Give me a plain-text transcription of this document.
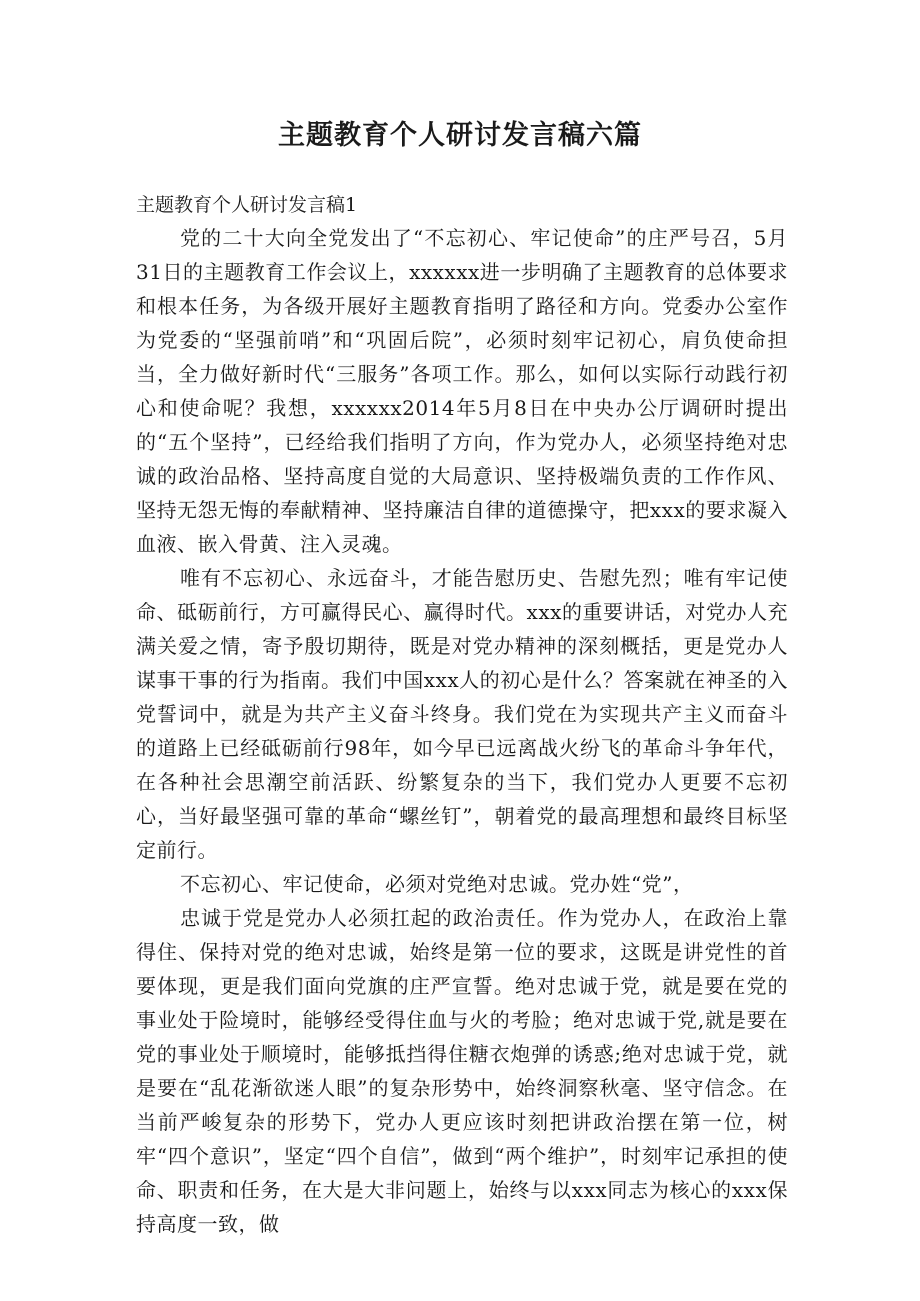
主题教育个人研讨发言稿六篇

主题教育个人研讨发言稿1

党的二十大向全党发出了“不忘初心、牢记使命”的庄严号召，5月31日的主题教育工作会议上，xxxxxx进一步明确了主题教育的总体要求和根本任务，为各级开展好主题教育指明了路径和方向。党委办公室作为党委的“坚强前哨”和“巩固后院”，必须时刻牢记初心，肩负使命担当，全力做好新时代“三服务”各项工作。那么，如何以实际行动践行初心和使命呢？我想，xxxxxx2014年5月8日在中央办公厅调研时提出的“五个坚持”，已经给我们指明了方向，作为党办人，必须坚持绝对忠诚的政治品格、坚持高度自觉的大局意识、坚持极端负责的工作作风、坚持无怨无悔的奉献精神、坚持廉洁自律的道德操守，把xxx的要求凝入血液、嵌入骨黄、注入灵魂。

唯有不忘初心、永远奋斗，才能告慰历史、告慰先烈；唯有牢记使命、砥砺前行，方可赢得民心、赢得时代。xxx的重要讲话，对党办人充满关爱之情，寄予殷切期待，既是对党办精神的深刻概括，更是党办人谋事干事的行为指南。我们中国xxx人的初心是什么？答案就在神圣的入党誓词中，就是为共产主义奋斗终身。我们党在为实现共产主义而奋斗的道路上已经砥砺前行98年，如今早已远离战火纷飞的革命斗争年代，在各种社会思潮空前活跃、纷繁复杂的当下，我们党办人更要不忘初心，当好最坚强可靠的革命“螺丝钉”，朝着党的最高理想和最终目标坚定前行。

不忘初心、牢记使命，必须对党绝对忠诚。党办姓“党”，

忠诚于党是党办人必须扛起的政治责任。作为党办人，在政治上靠得住、保持对党的绝对忠诚，始终是第一位的要求，这既是讲党性的首要体现，更是我们面向党旗的庄严宣誓。绝对忠诚于党，就是要在党的事业处于险境时，能够经受得住血与火的考脸；绝对忠诚于党,就是要在党的事业处于顺境时，能够抵挡得住糖衣炮弹的诱惑;绝对忠诚于党，就是要在“乱花渐欲迷人眼”的复杂形势中，始终洞察秋毫、坚守信念。在当前严峻复杂的形势下，党办人更应该时刻把讲政治摆在第一位，树牢“四个意识”，坚定“四个自信”，做到“两个维护”，时刻牢记承担的使命、职责和任务，在大是大非问题上，始终与以xxx同志为核心的xxx保持高度一致，做
